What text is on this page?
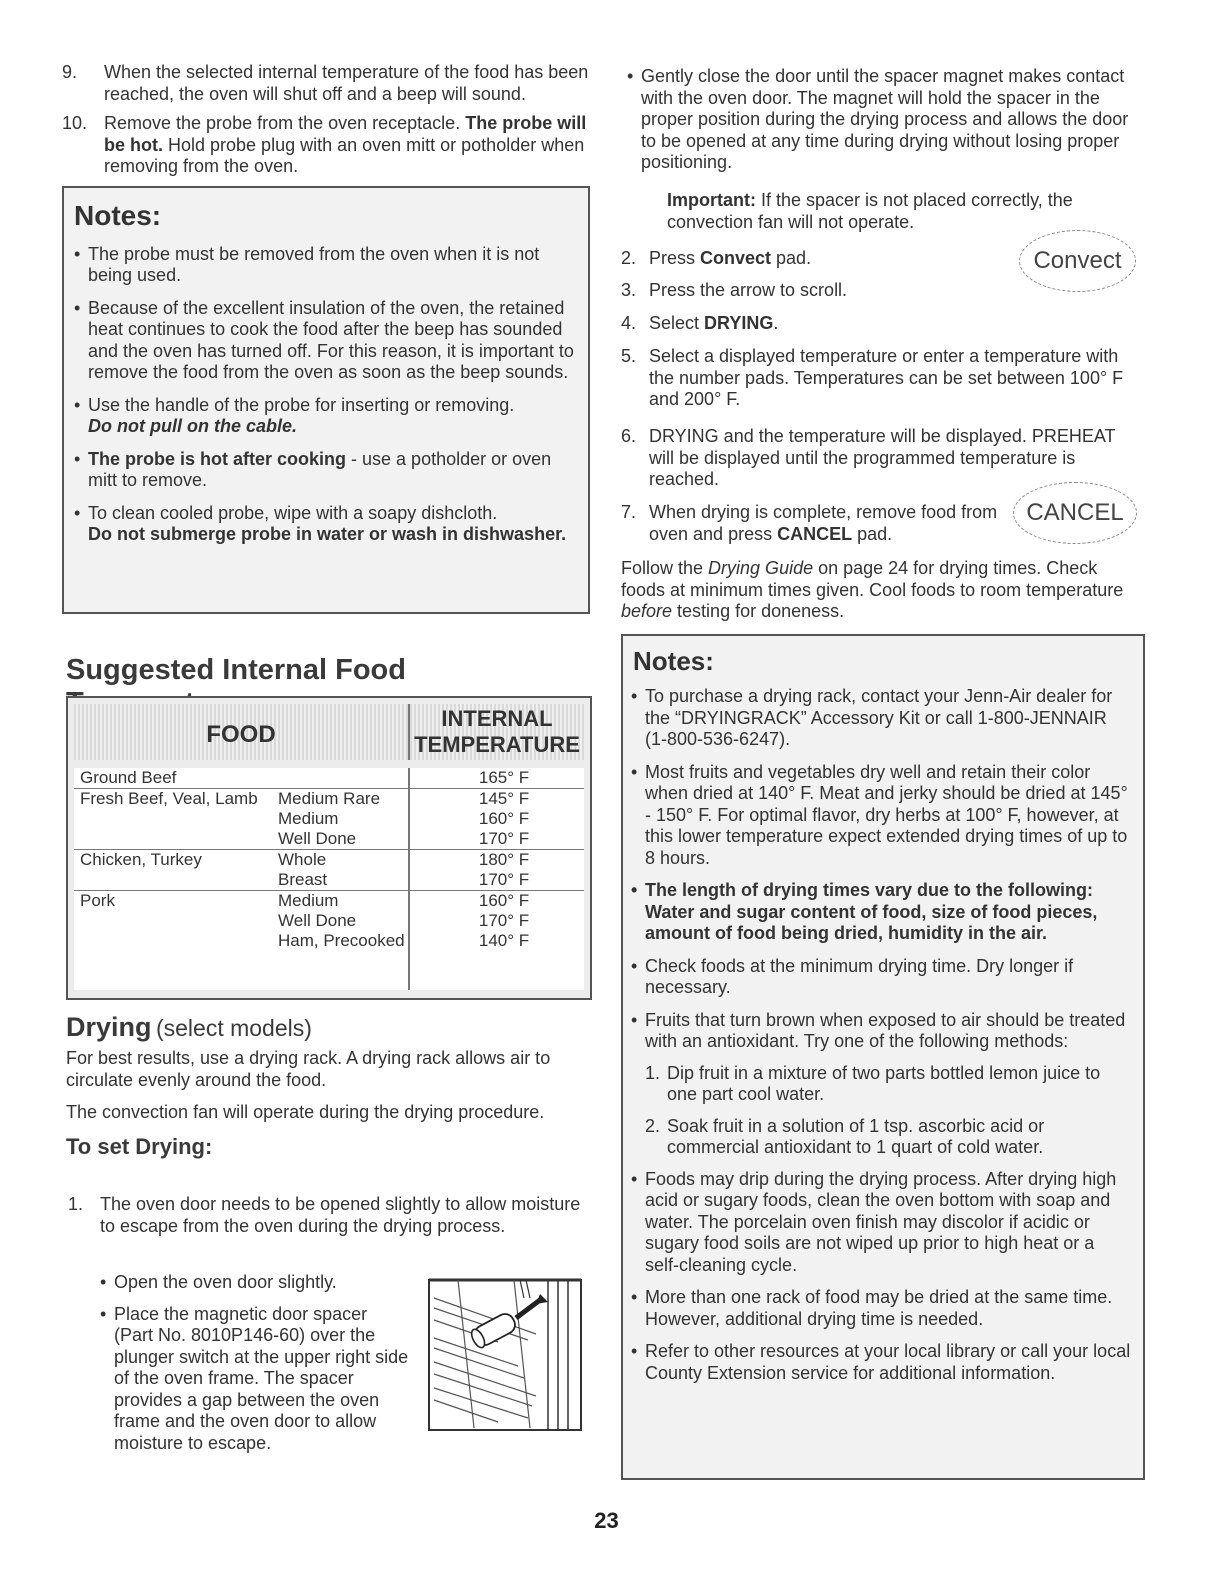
9. When the selected internal temperature of the food has been reached, the oven will shut off and a beep will sound.
10. Remove the probe from the oven receptacle. The probe will be hot. Hold probe plug with an oven mitt or potholder when removing from the oven.
Notes:
• The probe must be removed from the oven when it is not being used.
• Because of the excellent insulation of the oven, the retained heat continues to cook the food after the beep has sounded and the oven has turned off. For this reason, it is important to remove the food from the oven as soon as the beep sounds.
• Use the handle of the probe for inserting or removing.
Do not pull on the cable.
• The probe is hot after cooking - use a potholder or oven mitt to remove.
• To clean cooled probe, wipe with a soapy dishcloth.
Do not submerge probe in water or wash in dishwasher.
Suggested Internal Food
FOOD
INTERNAL
TEMPERATURE
Ground Beef		165° F
Fresh Beef, Veal, Lamb	Medium Rare	145° F
	Medium	160° F
	Well Done	170° F
Chicken, Turkey	Whole	180° F
	Breast	170° F
Pork	Medium	160° F
	Well Done	170° F
	Ham, Precooked	140° F
Drying (select models)

For best results, use a drying rack. A drying rack allows air to circulate evenly around the food.

The convection fan will operate during the drying procedure.

To set Drying:
1. The oven door needs to be opened slightly to allow moisture to escape from the oven during the drying process.
• Open the oven door slightly.
• Place the magnetic door spacer (Part No. 8010P146-60) over the plunger switch at the upper right side of the oven frame. The spacer provides a gap between the oven frame and the oven door to allow moisture to escape.
• Gently close the door until the spacer magnet makes contact with the oven door. The magnet will hold the spacer in the proper position during the drying process and allows the door to be opened at any time during drying without losing proper positioning.

Important: If the spacer is not placed correctly, the convection fan will not operate.

2. Press Convect pad.
3. Press the arrow to scroll.
4. Select DRYING.
5. Select a displayed temperature or enter a temperature with the number pads. Temperatures can be set between 100° F and 200° F.
6. DRYING and the temperature will be displayed. PREHEAT will be displayed until the programmed temperature is reached.
7. When drying is complete, remove food from oven and press CANCEL pad.
Convect
CANCEL

Follow the Drying Guide on page 24 for drying times. Check foods at minimum times given. Cool foods to room temperature before testing for doneness.

Notes:
• To purchase a drying rack, contact your Jenn-Air dealer for the “DRYINGRACK” Accessory Kit or call 1-800-JENNAIR (1-800-536-6247).
• Most fruits and vegetables dry well and retain their color when dried at 140° F. Meat and jerky should be dried at 145° - 150° F. For optimal flavor, dry herbs at 100° F, however, at this lower temperature expect extended drying times of up to 8 hours.
• The length of drying times vary due to the following: Water and sugar content of food, size of food pieces, amount of food being dried, humidity in the air.
• Check foods at the minimum drying time. Dry longer if necessary.
• Fruits that turn brown when exposed to air should be treated with an antioxidant. Try one of the following methods:
1. Dip fruit in a mixture of two parts bottled lemon juice to one part cool water.
2. Soak fruit in a solution of 1 tsp. ascorbic acid or commercial antioxidant to 1 quart of cold water.
• Foods may drip during the drying process. After drying high acid or sugary foods, clean the oven bottom with soap and water. The porcelain oven finish may discolor if acidic or sugary food soils are not wiped up prior to high heat or a self-cleaning cycle.
• More than one rack of food may be dried at the same time. However, additional drying time is needed.
• Refer to other resources at your local library or call your local County Extension service for additional information.
23
